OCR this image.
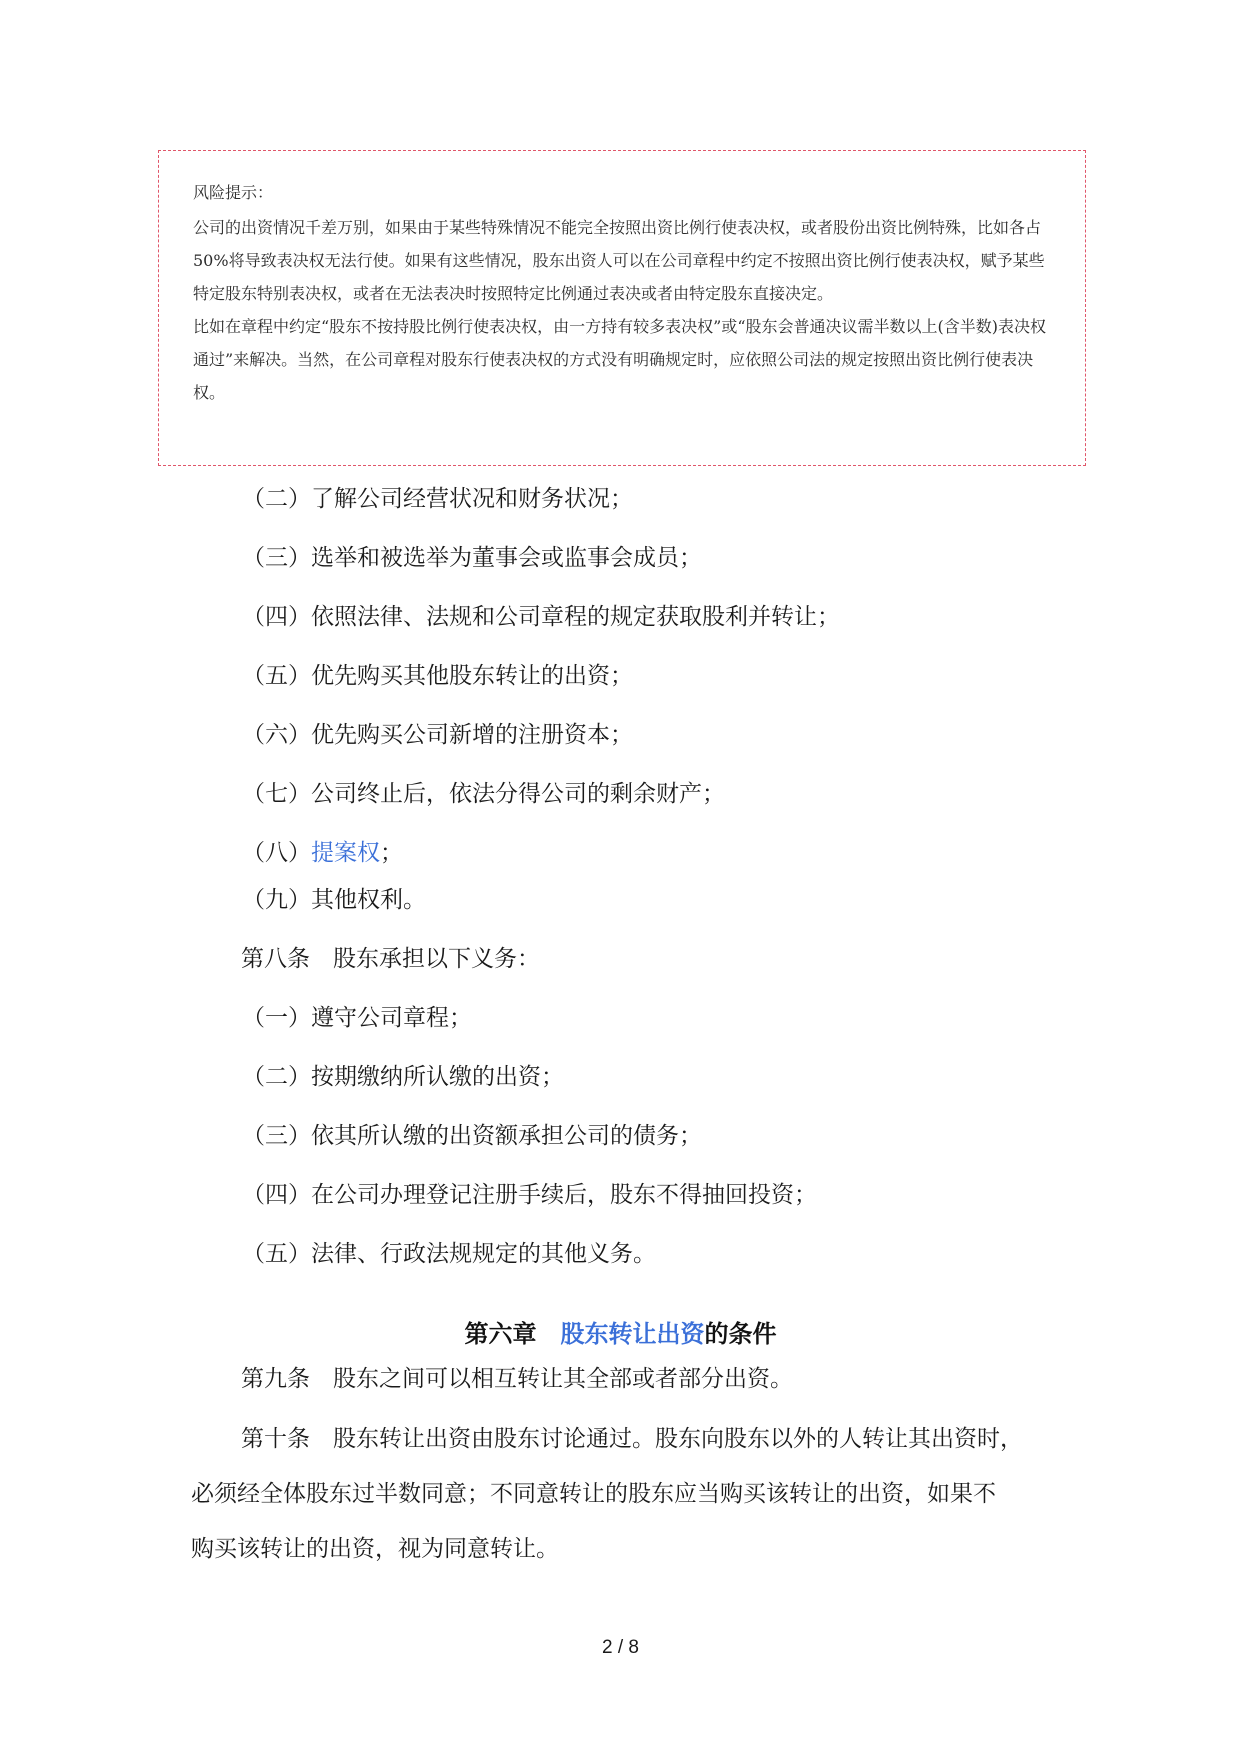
风险提示：

公司的出资情况千差万别，如果由于某些特殊情况不能完全按照出资比例行使表决权，或者股份出资比例特殊，比如各占50%将导致表决权无法行使。如果有这些情况，股东出资人可以在公司章程中约定不按照出资比例行使表决权，赋予某些特定股东特别表决权，或者在无法表决时按照特定比例通过表决或者由特定股东直接决定。

比如在章程中约定“股东不按持股比例行使表决权，由一方持有较多表决权”或“股东会普通决议需半数以上(含半数)表决权通过”来解决。当然，在公司章程对股东行使表决权的方式没有明确规定时，应依照公司法的规定按照出资比例行使表决权。

（二）了解公司经营状况和财务状况；
（三）选举和被选举为董事会或监事会成员；
（四）依照法律、法规和公司章程的规定获取股利并转让；
（五）优先购买其他股东转让的出资；
（六）优先购买公司新增的注册资本；
（七）公司终止后，依法分得公司的剩余财产；
（八）提案权；
（九）其他权利。
第八条　股东承担以下义务：
（一）遵守公司章程；
（二）按期缴纳所认缴的出资；
（三）依其所认缴的出资额承担公司的债务；
（四）在公司办理登记注册手续后，股东不得抽回投资；
（五）法律、行政法规规定的其他义务。
第六章　股东转让出资的条件
第九条　股东之间可以相互转让其全部或者部分出资。
第十条　股东转让出资由股东讨论通过。股东向股东以外的人转让其出资时，
必须经全体股东过半数同意；不同意转让的股东应当购买该转让的出资，如果不
购买该转让的出资，视为同意转让。
2 / 8
